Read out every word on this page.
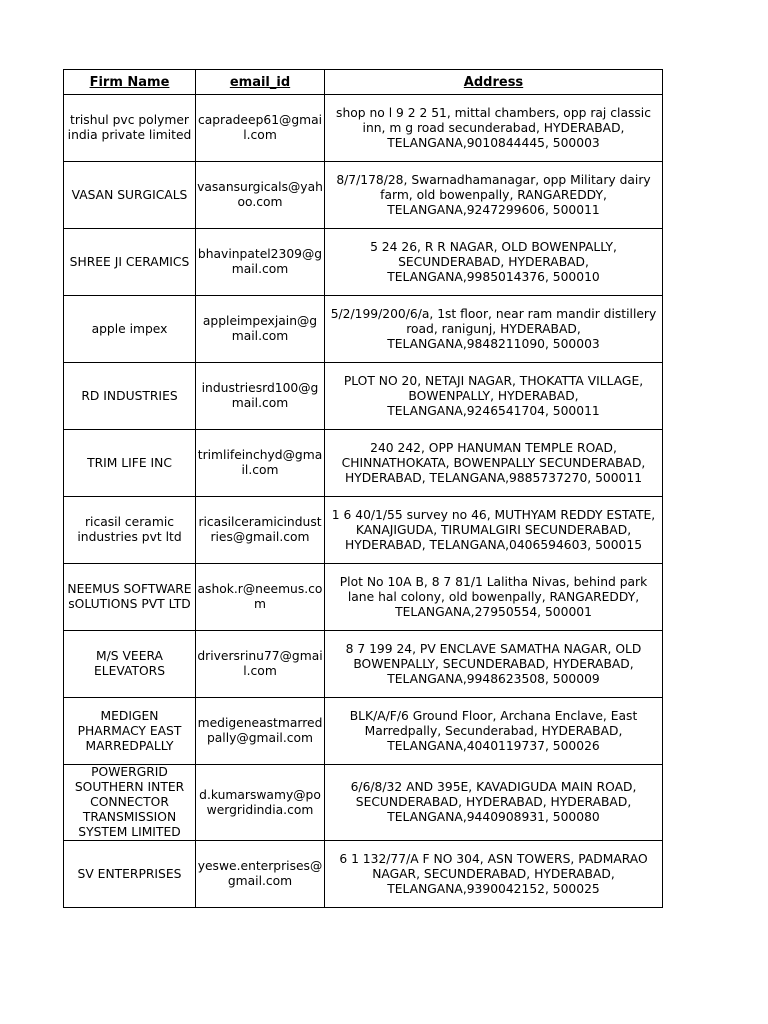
Firm Name	email_id	Address
trishul pvc polymer india private limited	capradeep61@gmail.com	shop no l 9 2 2 51, mittal chambers, opp raj classic inn, m g road secunderabad, HYDERABAD, TELANGANA,9010844445, 500003
VASAN SURGICALS	vasansurgicals@yahoo.com	8/7/178/28, Swarnadhamanagar, opp Military dairy farm, old bowenpally, RANGAREDDY, TELANGANA,9247299606, 500011
SHREE JI CERAMICS	bhavinpatel2309@gmail.com	5 24 26, R R NAGAR, OLD BOWENPALLY, SECUNDERABAD, HYDERABAD, TELANGANA,9985014376, 500010
apple impex	appleimpexjain@gmail.com	5/2/199/200/6/a, 1st floor, near ram mandir distillery road, ranigunj, HYDERABAD, TELANGANA,9848211090, 500003
RD INDUSTRIES	industriesrd100@gmail.com	PLOT NO 20, NETAJI NAGAR, THOKATTA VILLAGE, BOWENPALLY, HYDERABAD, TELANGANA,9246541704, 500011
TRIM LIFE INC	trimlifeinchyd@gmail.com	240 242, OPP HANUMAN TEMPLE ROAD, CHINNATHOKATA, BOWENPALLY SECUNDERABAD, HYDERABAD, TELANGANA,9885737270, 500011
ricasil ceramic industries pvt ltd	ricasilceramicindustries@gmail.com	1 6 40/1/55 survey no 46, MUTHYAM REDDY ESTATE, KANAJIGUDA, TIRUMALGIRI SECUNDERABAD, HYDERABAD, TELANGANA,0406594603, 500015
NEEMUS SOFTWARE sOLUTIONS PVT LTD	ashok.r@neemus.com	Plot No 10A B, 8 7 81/1 Lalitha Nivas, behind park lane hal colony, old bowenpally, RANGAREDDY, TELANGANA,27950554, 500001
M/S VEERA ELEVATORS	driversrinu77@gmail.com	8 7 199 24, PV ENCLAVE SAMATHA NAGAR, OLD BOWENPALLY, SECUNDERABAD, HYDERABAD, TELANGANA,9948623508, 500009
MEDIGEN PHARMACY EAST MARREDPALLY	medigeneastmarredpally@gmail.com	BLK/A/F/6 Ground Floor, Archana Enclave, East Marredpally, Secunderabad, HYDERABAD, TELANGANA,4040119737, 500026
POWERGRID SOUTHERN INTER CONNECTOR TRANSMISSION SYSTEM LIMITED	d.kumarswamy@powergridindia.com	6/6/8/32 AND 395E, KAVADIGUDA MAIN ROAD, SECUNDERABAD, HYDERABAD, HYDERABAD, TELANGANA,9440908931, 500080
SV ENTERPRISES	yeswe.enterprises@gmail.com	6 1 132/77/A F NO 304, ASN TOWERS, PADMARAO NAGAR, SECUNDERABAD, HYDERABAD, TELANGANA,9390042152, 500025
